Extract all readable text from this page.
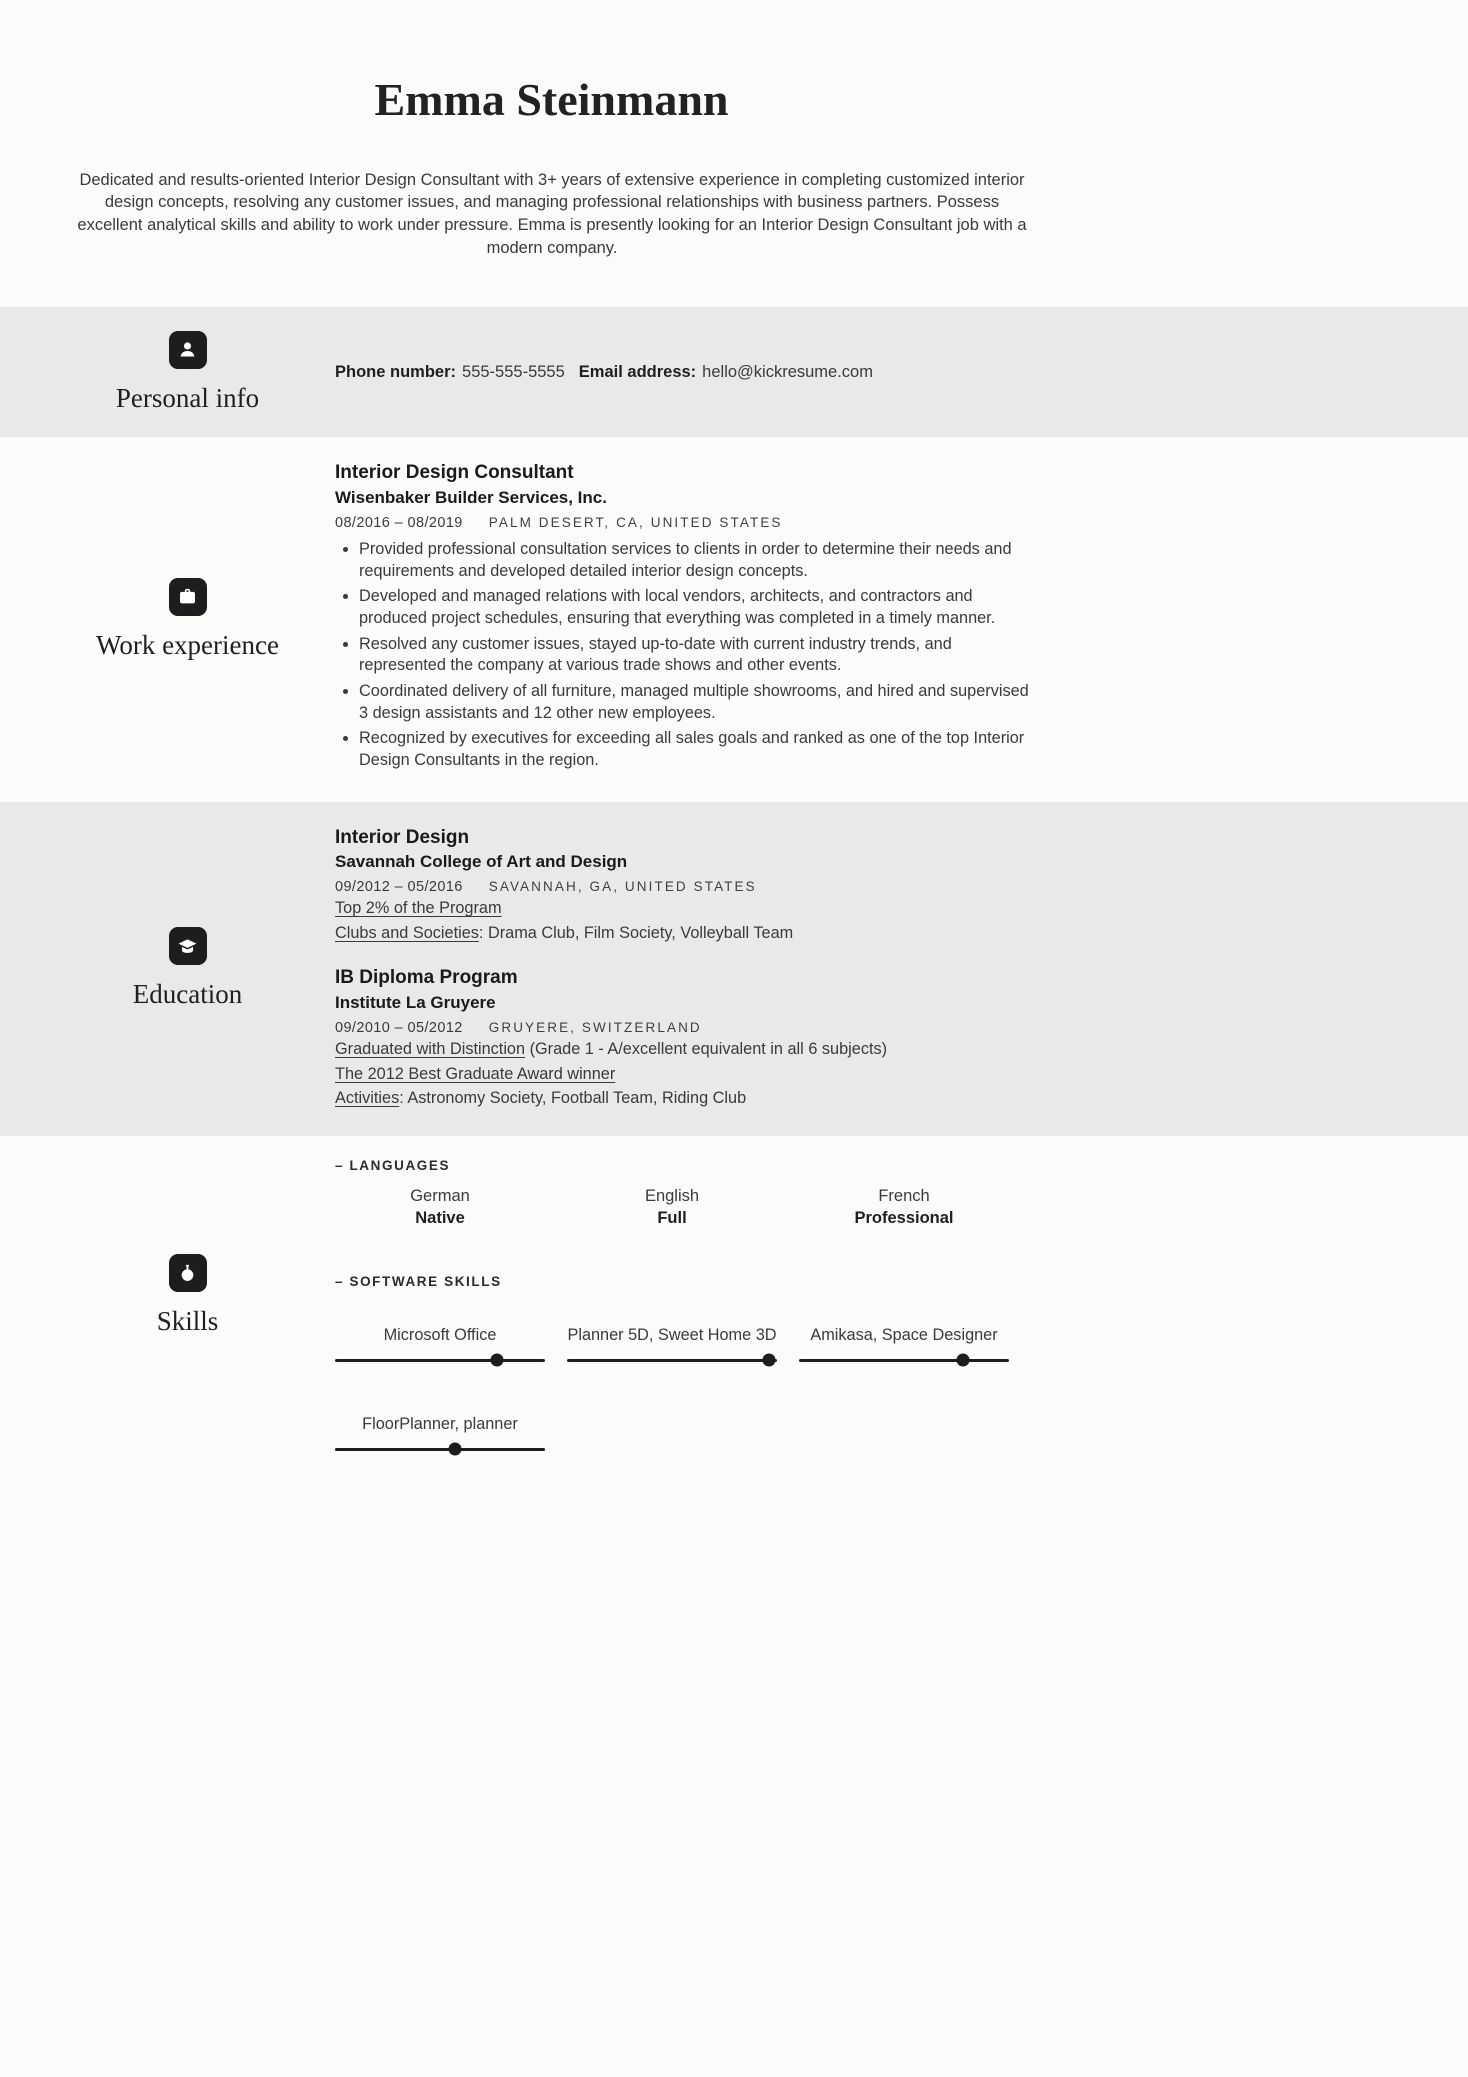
Emma Steinmann

Dedicated and results-oriented Interior Design Consultant with 3+ years of extensive experience in completing customized interior design concepts, resolving any customer issues, and managing professional relationships with business partners. Possess excellent analytical skills and ability to work under pressure. Emma is presently looking for an Interior Design Consultant job with a modern company.

Personal info

Phone number: 555-555-5555 Email address: hello@kickresume.com

Work experience
Interior Design Consultant
Wisenbaker Builder Services, Inc.
08/2016 – 08/2019 PALM DESERT, CA, UNITED STATES
• Provided professional consultation services to clients in order to determine their needs and requirements and developed detailed interior design concepts.
• Developed and managed relations with local vendors, architects, and contractors and produced project schedules, ensuring that everything was completed in a timely manner.
• Resolved any customer issues, stayed up-to-date with current industry trends, and represented the company at various trade shows and other events.
• Coordinated delivery of all furniture, managed multiple showrooms, and hired and supervised 3 design assistants and 12 other new employees.
• Recognized by executives for exceeding all sales goals and ranked as one of the top Interior Design Consultants in the region.
Education
Interior Design
Savannah College of Art and Design
09/2012 – 05/2016 SAVANNAH, GA, UNITED STATES
Top 2% of the Program
Clubs and Societies: Drama Club, Film Society, Volleyball Team
IB Diploma Program
Institute La Gruyere
09/2010 – 05/2012 GRUYERE, SWITZERLAND
Graduated with Distinction (Grade 1 - A/excellent equivalent in all 6 subjects)
The 2012 Best Graduate Award winner
Activities: Astronomy Society, Football Team, Riding Club
Skills
– LANGUAGES
German
Native
English
Full
French
Professional
– SOFTWARE SKILLS
Microsoft Office	Planner 5D, Sweet Home 3D	Amikasa, Space Designer
FloorPlanner, planner
